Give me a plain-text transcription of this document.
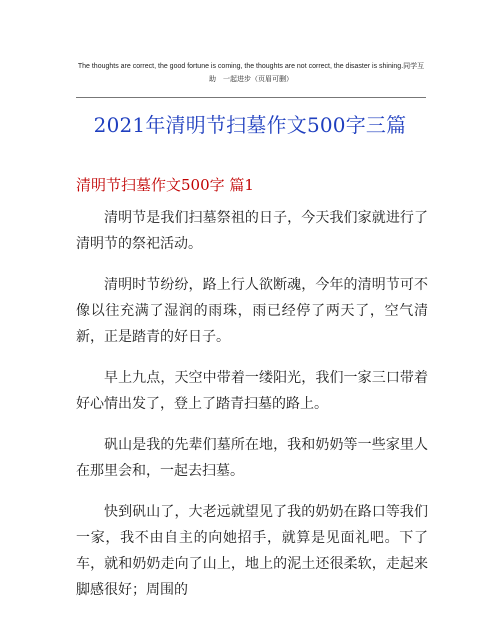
The thoughts are correct, the good fortune is coming, the thoughts are not correct, the disaster is shining.同学互
助　一起进步（页眉可删）
2021年清明节扫墓作文500字三篇
清明节扫墓作文500字 篇1

清明节是我们扫墓祭祖的日子，今天我们家就进行了清明节的祭祀活动。

清明时节纷纷，路上行人欲断魂，今年的清明节可不像以往充满了湿润的雨珠，雨已经停了两天了，空气清新，正是踏青的好日子。

早上九点，天空中带着一缕阳光，我们一家三口带着好心情出发了，登上了踏青扫墓的路上。

矾山是我的先辈们墓所在地，我和奶奶等一些家里人在那里会和，一起去扫墓。

快到矾山了，大老远就望见了我的奶奶在路口等我们一家，我不由自主的向她招手，就算是见面礼吧。下了车，就和奶奶走向了山上，地上的泥土还很柔软，走起来脚感很好；周围的
